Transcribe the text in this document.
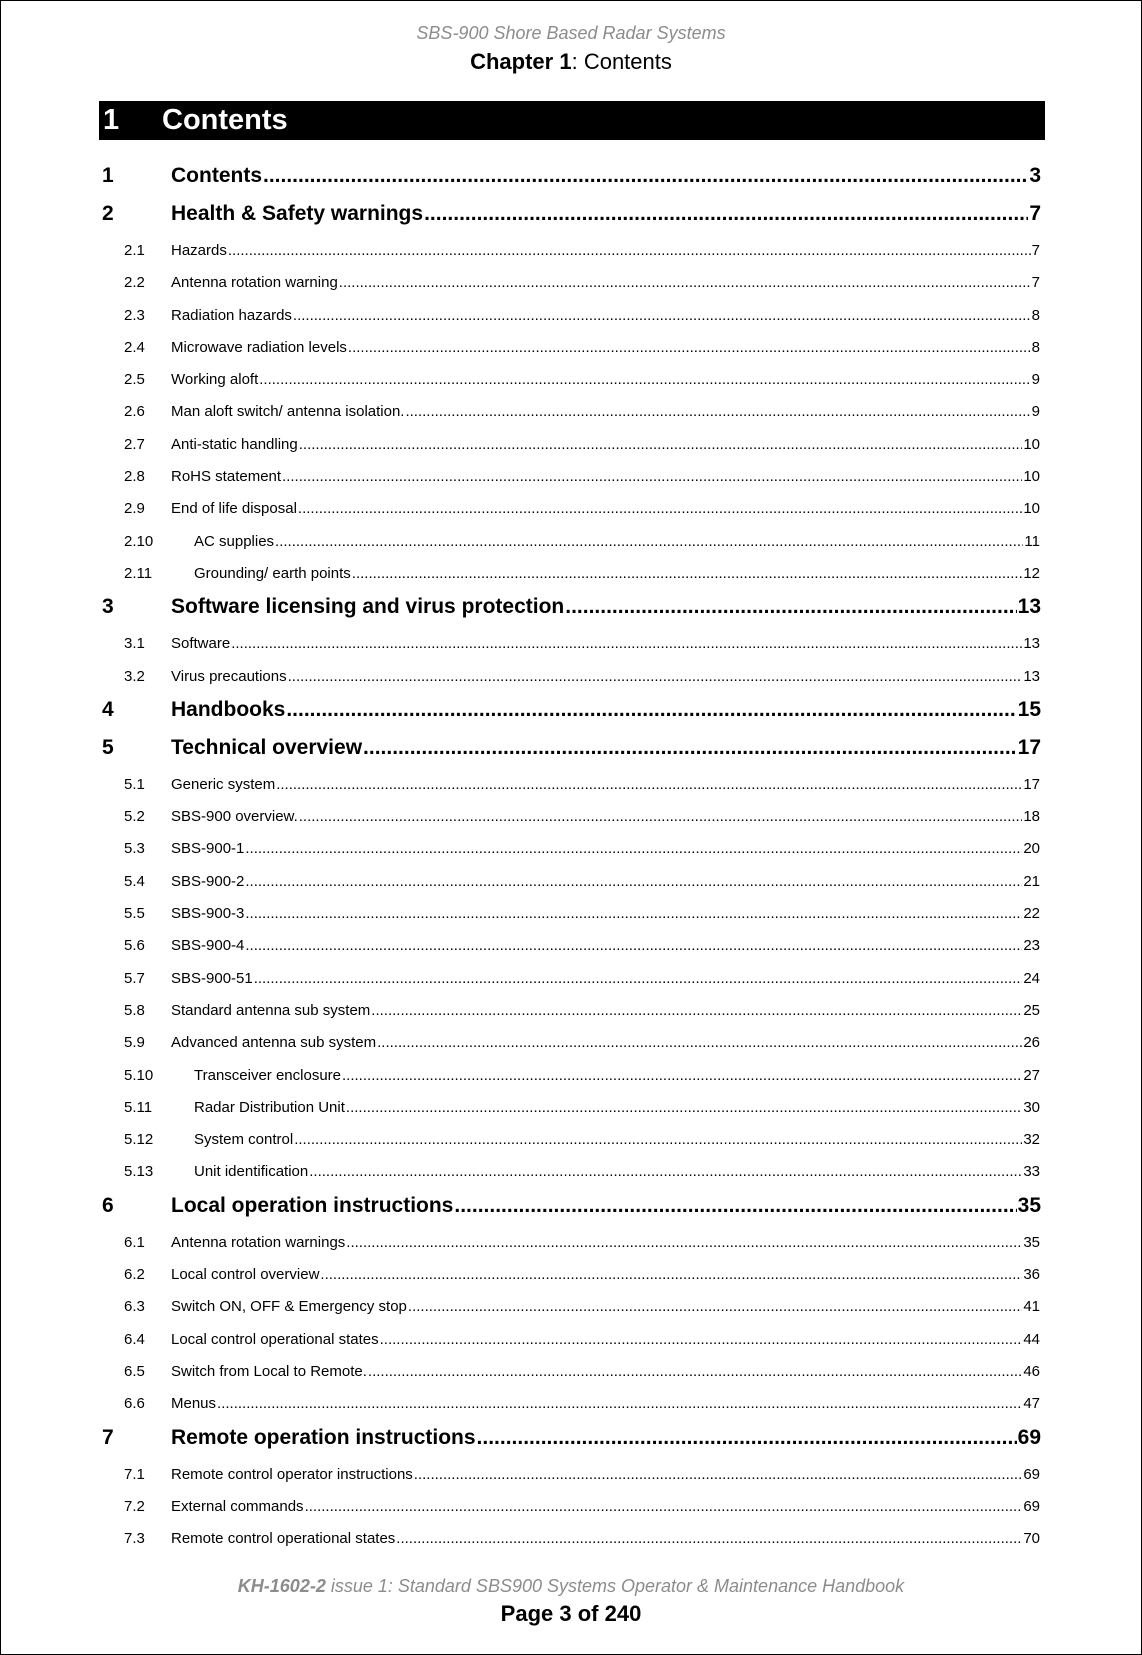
SBS-900 Shore Based Radar Systems
Chapter 1: Contents
1 Contents
1	Contents .....	3
2	Health & Safety warnings .....	7
2.1 Hazards .....	7
2.2 Antenna rotation warning .....	7
2.3 Radiation hazards .....	8
2.4 Microwave radiation levels .....	8
2.5 Working aloft .....	9
2.6 Man aloft switch/ antenna isolation. .....	9
2.7 Anti-static handling .....	10
2.8 RoHS statement .....	10
2.9 End of life disposal .....	10
2.10	AC supplies .....	11
2.11	Grounding/ earth points .....	12
3	Software licensing and virus protection .....	13
3.1 Software .....	13
3.2 Virus precautions .....	13
4	Handbooks .....	15
5	Technical overview .....	17
5.1 Generic system .....	17
5.2 SBS-900 overview. .....	18
5.3 SBS-900-1 .....	20
5.4 SBS-900-2 .....	21
5.5 SBS-900-3 .....	22
5.6 SBS-900-4 .....	23
5.7 SBS-900-51 .....	24
5.8 Standard antenna sub system .....	25
5.9 Advanced antenna sub system .....	26
5.10	Transceiver enclosure .....	27
5.11	Radar Distribution Unit .....	30
5.12	System control .....	32
5.13	Unit identification .....	33
6	Local operation instructions .....	35
6.1 Antenna rotation warnings .....	35
6.2 Local control overview .....	36
6.3 Switch ON, OFF & Emergency stop .....	41
6.4 Local control operational states .....	44
6.5 Switch from Local to Remote. .....	46
6.6 Menus .....	47
7	Remote operation instructions .....	69
7.1 Remote control operator instructions .....	69
7.2 External commands .....	69
7.3 Remote control operational states .....	70
KH-1602-2 issue 1: Standard SBS900 Systems Operator & Maintenance Handbook
Page 3 of 240
